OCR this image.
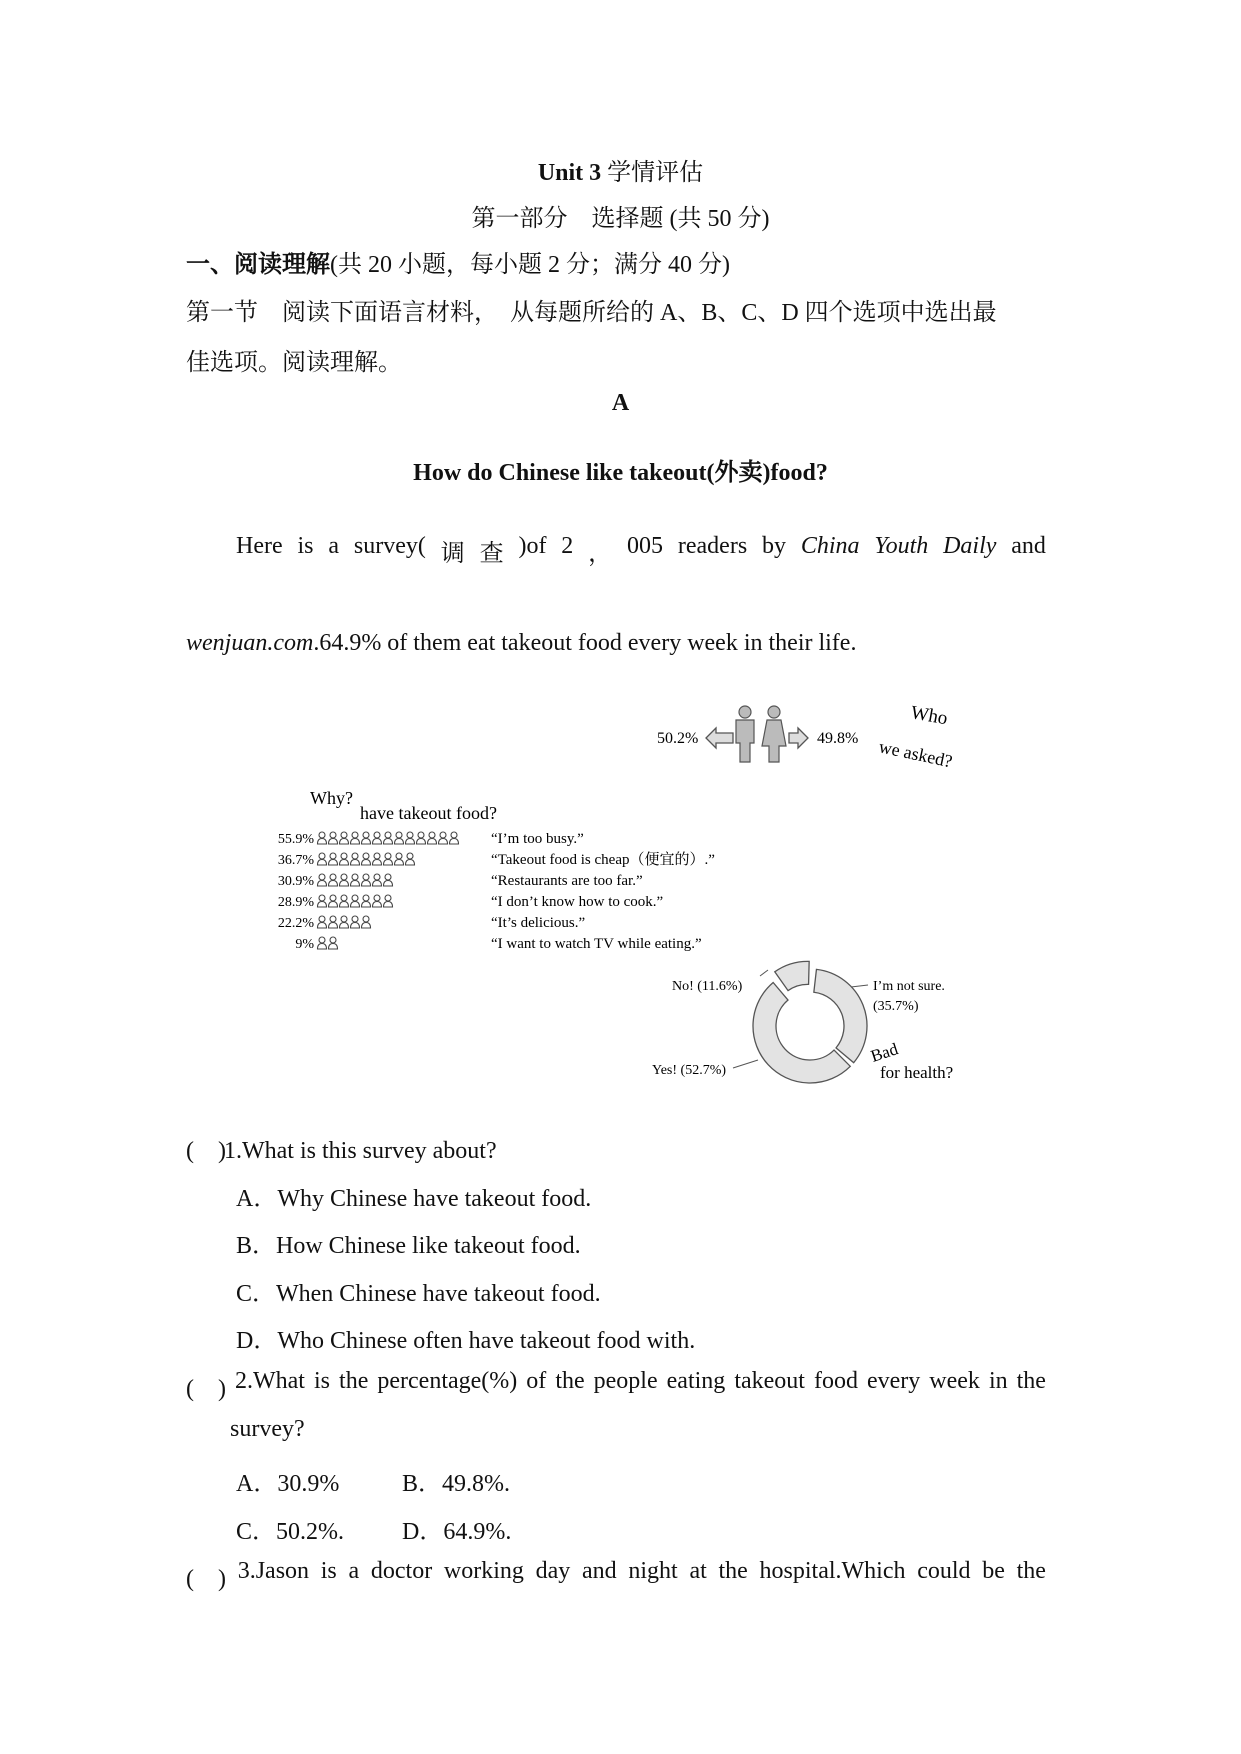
Unit 3 学情评估
第一部分　选择题 (共 50 分)
一、阅读理解(共 20 小题，每小题 2 分；满分 40 分)
第一节　阅读下面语言材料，　从每题所给的 A、B、C、D 四个选项中选出最
佳选项。阅读理解。
A
How do Chinese like takeout(外卖)food?
Here is a survey( 调 查 )of 2 ， 005 readers by China Youth Daily and
wenjuan.com.64.9% of them eat takeout food every week in their life.
50.2%	49.8%
Who
we asked?
Why?
have takeout food?
55.9%	“I’m too busy.”
36.7%	“Takeout food is cheap（便宜的）.”
30.9%	“Restaurants are too far.”
28.9%	“I don’t know how to cook.”
22.2%	“It’s delicious.”
9%	“I want to watch TV while eating.”
Yes! (52.7%)
I’m not sure.
(35.7%)
No! (11.6%)
Bad
for health?
(　)1.What is this survey about?
A．Why Chinese have takeout food.
B．How Chinese like takeout food.
C．When Chinese have takeout food.
D．Who Chinese often have takeout food with.
(　) 2.What is the percentage(%) of the people eating takeout food every week in the
survey?
A．30.9%	B．49.8%.
C．50.2%. D．64.9%.
(　) 3.Jason is a doctor working day and night at the hospital.Which could be the
